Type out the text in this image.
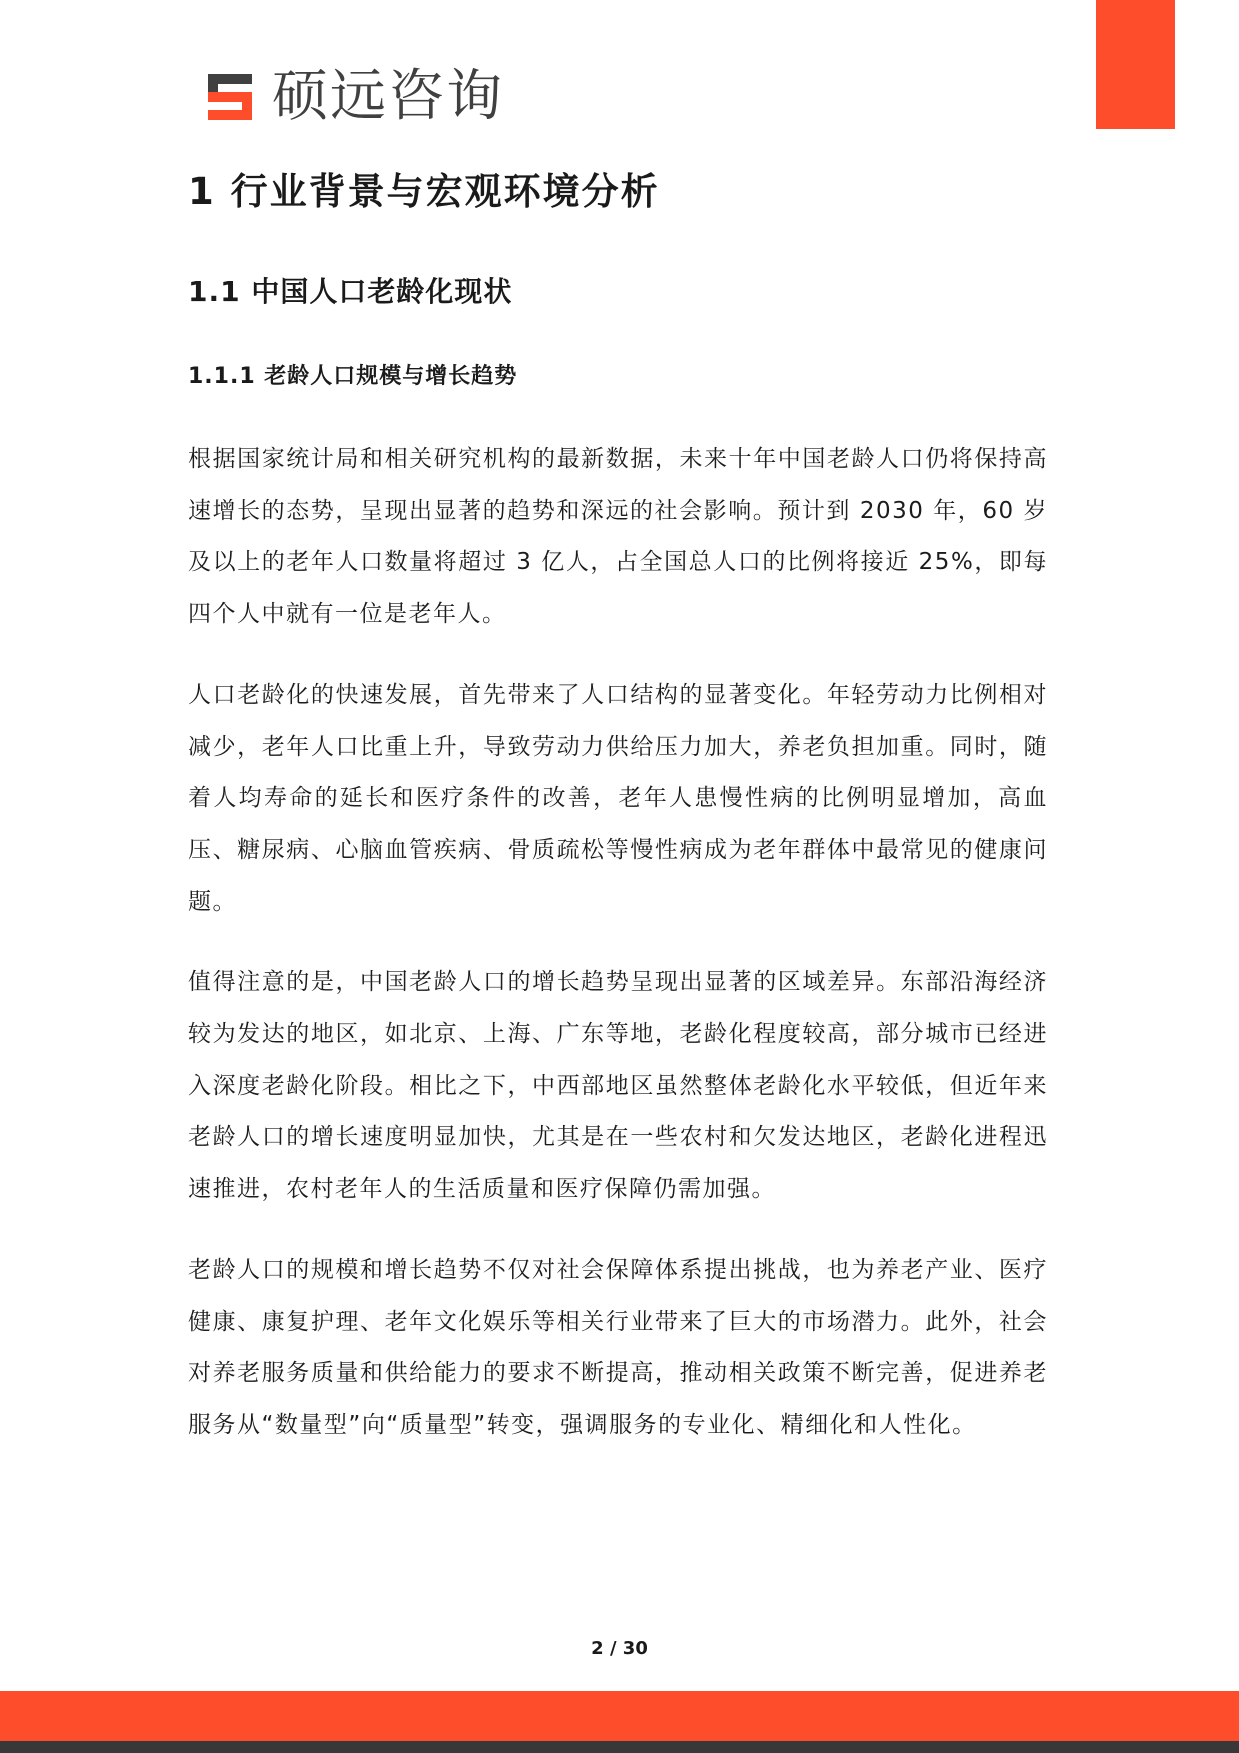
硕远咨询
1 行业背景与宏观环境分析
1.1 中国人口老龄化现状
1.1.1 老龄人口规模与增长趋势

根据国家统计局和相关研究机构的最新数据，未来十年中国老龄人口仍将保持高速增长的态势，呈现出显著的趋势和深远的社会影响。预计到 2030 年，60 岁及以上的老年人口数量将超过 3 亿人，占全国总人口的比例将接近 25%，即每四个人中就有一位是老年人。

人口老龄化的快速发展，首先带来了人口结构的显著变化。年轻劳动力比例相对减少，老年人口比重上升，导致劳动力供给压力加大，养老负担加重。同时，随着人均寿命的延长和医疗条件的改善，老年人患慢性病的比例明显增加，高血压、糖尿病、心脑血管疾病、骨质疏松等慢性病成为老年群体中最常见的健康问题。

值得注意的是，中国老龄人口的增长趋势呈现出显著的区域差异。东部沿海经济较为发达的地区，如北京、上海、广东等地，老龄化程度较高，部分城市已经进入深度老龄化阶段。相比之下，中西部地区虽然整体老龄化水平较低，但近年来老龄人口的增长速度明显加快，尤其是在一些农村和欠发达地区，老龄化进程迅速推进，农村老年人的生活质量和医疗保障仍需加强。

老龄人口的规模和增长趋势不仅对社会保障体系提出挑战，也为养老产业、医疗健康、康复护理、老年文化娱乐等相关行业带来了巨大的市场潜力。此外，社会对养老服务质量和供给能力的要求不断提高，推动相关政策不断完善，促进养老服务从“数量型”向“质量型”转变，强调服务的专业化、精细化和人性化。

2 / 30
